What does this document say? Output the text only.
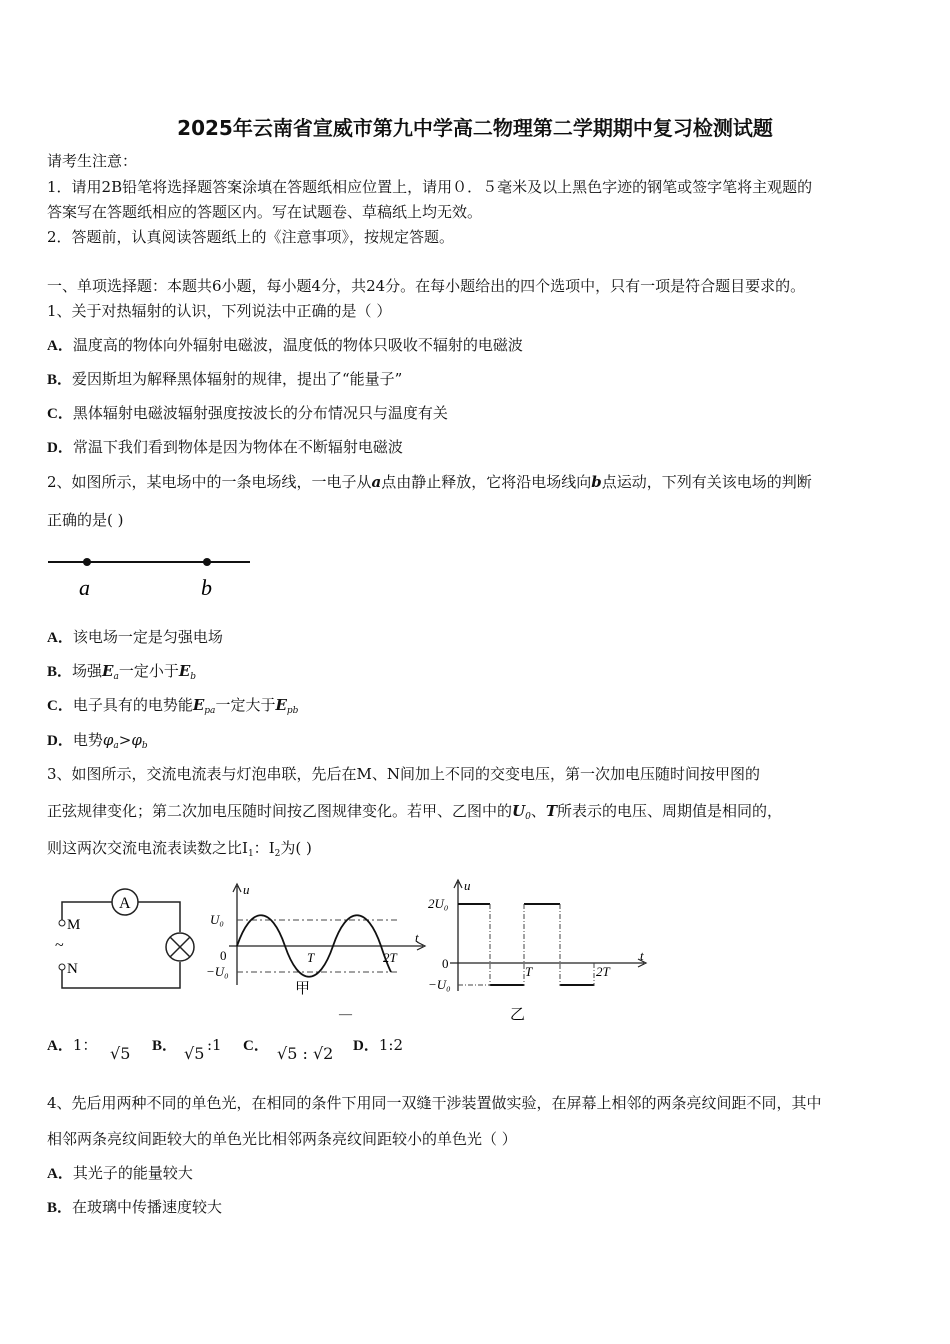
2025年云南省宣威市第九中学高二物理第二学期期中复习检测试题
请考生注意：
1．请用2B铅笔将选择题答案涂填在答题纸相应位置上，请用０．５毫米及以上黑色字迹的钢笔或签字笔将主观题的
答案写在答题纸相应的答题区内。写在试题卷、草稿纸上均无效。
2．答题前，认真阅读答题纸上的《注意事项》，按规定答题。
一、单项选择题：本题共6小题，每小题4分，共24分。在每小题给出的四个选项中，只有一项是符合题目要求的。
1、关于对热辐射的认识，下列说法中正确的是（ ）
A．温度高的物体向外辐射电磁波，温度低的物体只吸收不辐射的电磁波
B．爱因斯坦为解释黑体辐射的规律，提出了“能量子”
C．黑体辐射电磁波辐射强度按波长的分布情况只与温度有关
D．常温下我们看到物体是因为物体在不断辐射电磁波
2、如图所示，某电场中的一条电场线，一电子从a点由静止释放，它将沿电场线向b点运动，下列有关该电场的判断
正确的是( )
a	b
A．该电场一定是匀强电场
B．场强$E_a$一定小于$E_b$
C．电子具有的电势能$E_{pa}$一定大于$E_{pb}$
D．电势$\varphi_a>\varphi_b$
3、如图所示，交流电流表与灯泡串联，先后在M、N间加上不同的交变电压，第一次加电压随时间按甲图的
正弦规律变化；第二次加电压随时间按乙图规律变化。若甲、乙图中的$U_0$、T所表示的电压、周期值是相同的，
则这两次交流电流表读数之比$I_1$：$I_2$为( )
A
M
~
N
u
t
U₀
−U₀
0	T	2T
甲
—
u
t
2U₀
−U₀
0
T	2T
乙
A．1： √5 B． √5 :1 C． √5 : √2 D．1:2
4、先后用两种不同的单色光，在相同的条件下用同一双缝干涉装置做实验，在屏幕上相邻的两条亮纹间距不同，其中
相邻两条亮纹间距较大的单色光比相邻两条亮纹间距较小的单色光（ ）
A．其光子的能量较大
B．在玻璃中传播速度较大
